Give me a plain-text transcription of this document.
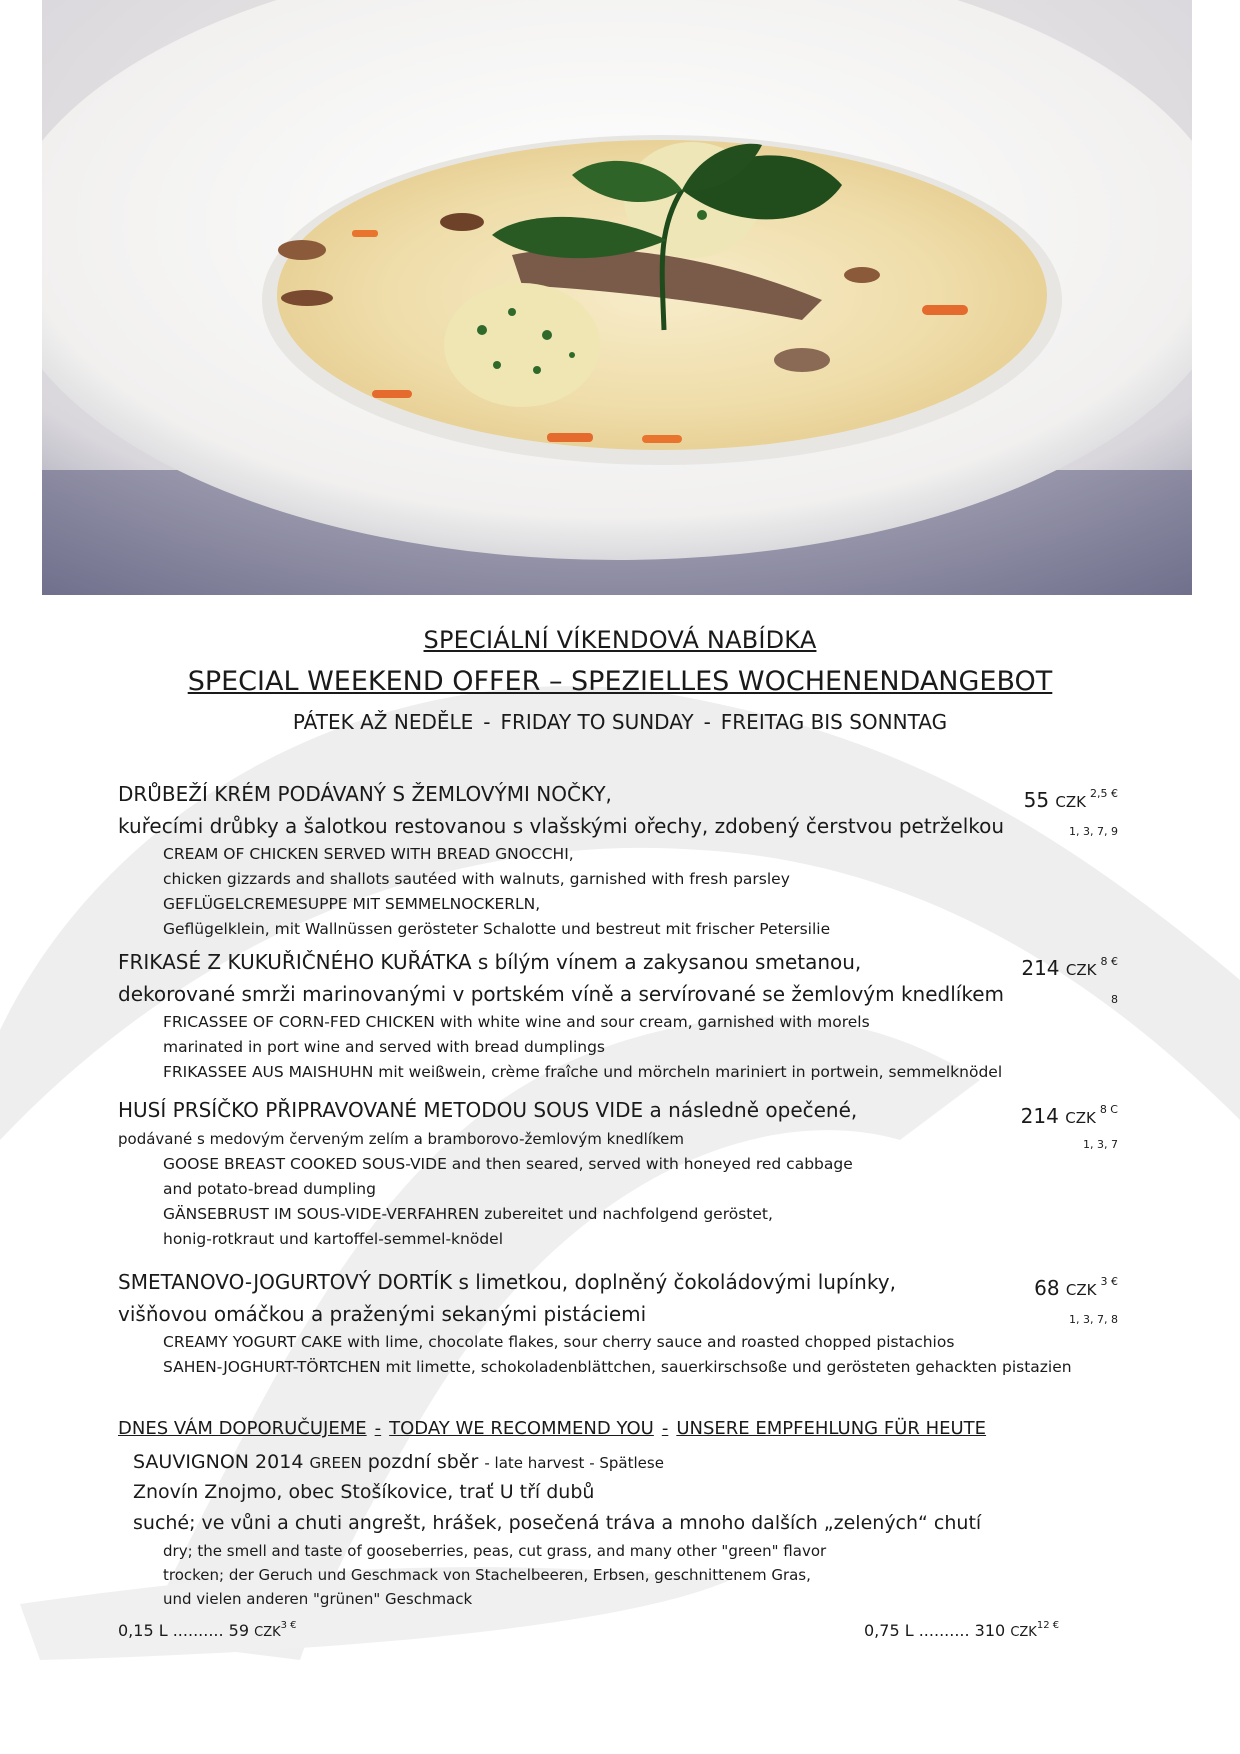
SPECIÁLNÍ VÍKENDOVÁ NABÍDKA
SPECIAL WEEKEND OFFER – SPEZIELLES WOCHENENDANGEBOT
PÁTEK AŽ NEDĚLE - FRIDAY TO SUNDAY - FREITAG BIS SONNTAG
DRŮBEŽÍ KRÉM PODÁVANÝ S ŽEMLOVÝMI NOČKY,	55 CZK $^{2,5 €}$
kuřecími drůbky a šalotkou restovanou s vlašskými ořechy, zdobený čerstvou petrželkou	1, 3, 7, 9
CREAM OF CHICKEN SERVED WITH BREAD GNOCCHI,
chicken gizzards and shallots sautéed with walnuts, garnished with fresh parsley
GEFLÜGELCREMESUPPE MIT SEMMELNOCKERLN,
Geflügelklein, mit Wallnüssen gerösteter Schalotte und bestreut mit frischer Petersilie
FRIKASÉ Z KUKUŘIČNÉHO KUŘÁTKA s bílým vínem a zakysanou smetanou,	214 CZK $^{8 €}$
dekorované smrži marinovanými v portském víně a servírované se žemlovým knedlíkem	8
FRICASSEE OF CORN-FED CHICKEN with white wine and sour cream, garnished with morels
marinated in port wine and served with bread dumplings
FRIKASSEE AUS MAISHUHN mit weißwein, crème fraîche und mörcheln mariniert in portwein, semmelknödel
HUSÍ PRSÍČKO PŘIPRAVOVANÉ METODOU SOUS VIDE a následně opečené,	214 CZK $^{8 C}$
podávané s medovým červeným zelím a bramborovo-žemlovým knedlíkem	1, 3, 7
GOOSE BREAST COOKED SOUS-VIDE and then seared, served with honeyed red cabbage
and potato-bread dumpling
GÄNSEBRUST IM SOUS-VIDE-VERFAHREN zubereitet und nachfolgend geröstet,
honig-rotkraut und kartoffel-semmel-knödel
SMETANOVO-JOGURTOVÝ DORTÍK s limetkou, doplněný čokoládovými lupínky,	68 CZK $^{3 €}$
višňovou omáčkou a praženými sekanými pistáciemi	1, 3, 7, 8
CREAMY YOGURT CAKE with lime, chocolate flakes, sour cherry sauce and roasted chopped pistachios
SAHEN-JOGHURT-TÖRTCHEN mit limette, schokoladenblättchen, sauerkirschsoße und gerösteten gehackten pistazien
DNES VÁM DOPORUČUJEME - TODAY WE RECOMMEND YOU - UNSERE EMPFEHLUNG FÜR HEUTE
SAUVIGNON 2014 GREEN pozdní sběr - late harvest - Spätlese
Znovín Znojmo, obec Stošíkovice, trať U tří dubů
suché; ve vůni a chuti angrešt, hrášek, posečená tráva a mnoho dalších „zelených“ chutí
dry; the smell and taste of gooseberries, peas, cut grass, and many other "green" flavor
trocken; der Geruch und Geschmack von Stachelbeeren, Erbsen, geschnittenem Gras,
und vielen anderen "grünen" Geschmack
0,15 L .......... 59 $CZK^{3 €}$	0,75 L .......... 310 $CZK^{12 €}$
